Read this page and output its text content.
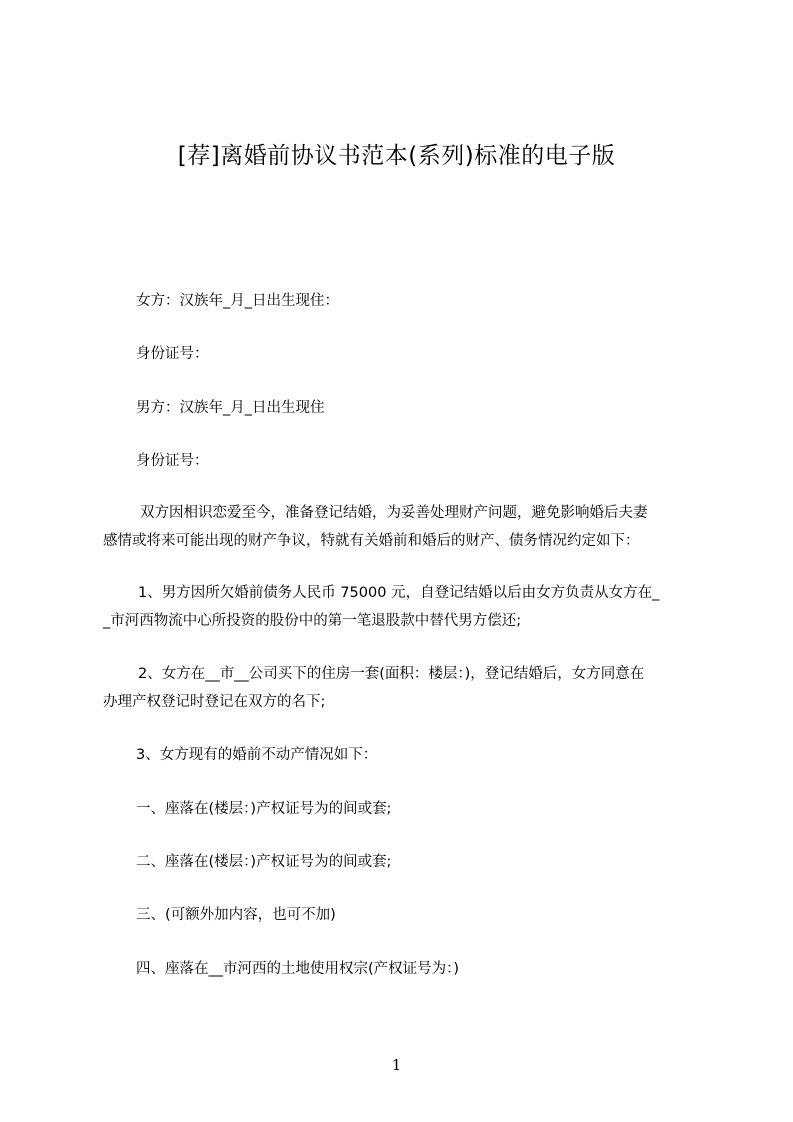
[荐]离婚前协议书范本(系列)标准的电子版
女方：汉族年_月_日出生现住：
身份证号：
男方：汉族年_月_日出生现住
身份证号：
双方因相识恋爱至今，准备登记结婚，为妥善处理财产问题，避免影响婚后夫妻
感情或将来可能出现的财产争议，特就有关婚前和婚后的财产、债务情况约定如下：
1、男方因所欠婚前债务人民币 75000 元，自登记结婚以后由女方负责从女方在_
_市河西物流中心所投资的股份中的第一笔退股款中替代男方偿还;
2、女方在__市__公司买下的住房一套(面积：楼层：)，登记结婚后，女方同意在
办理产权登记时登记在双方的名下;
3、女方现有的婚前不动产情况如下：
一、座落在(楼层：)产权证号为的间或套;
二、座落在(楼层：)产权证号为的间或套;
三、(可额外加内容，也可不加)
四、座落在__市河西的土地使用权宗(产权证号为：)
1
